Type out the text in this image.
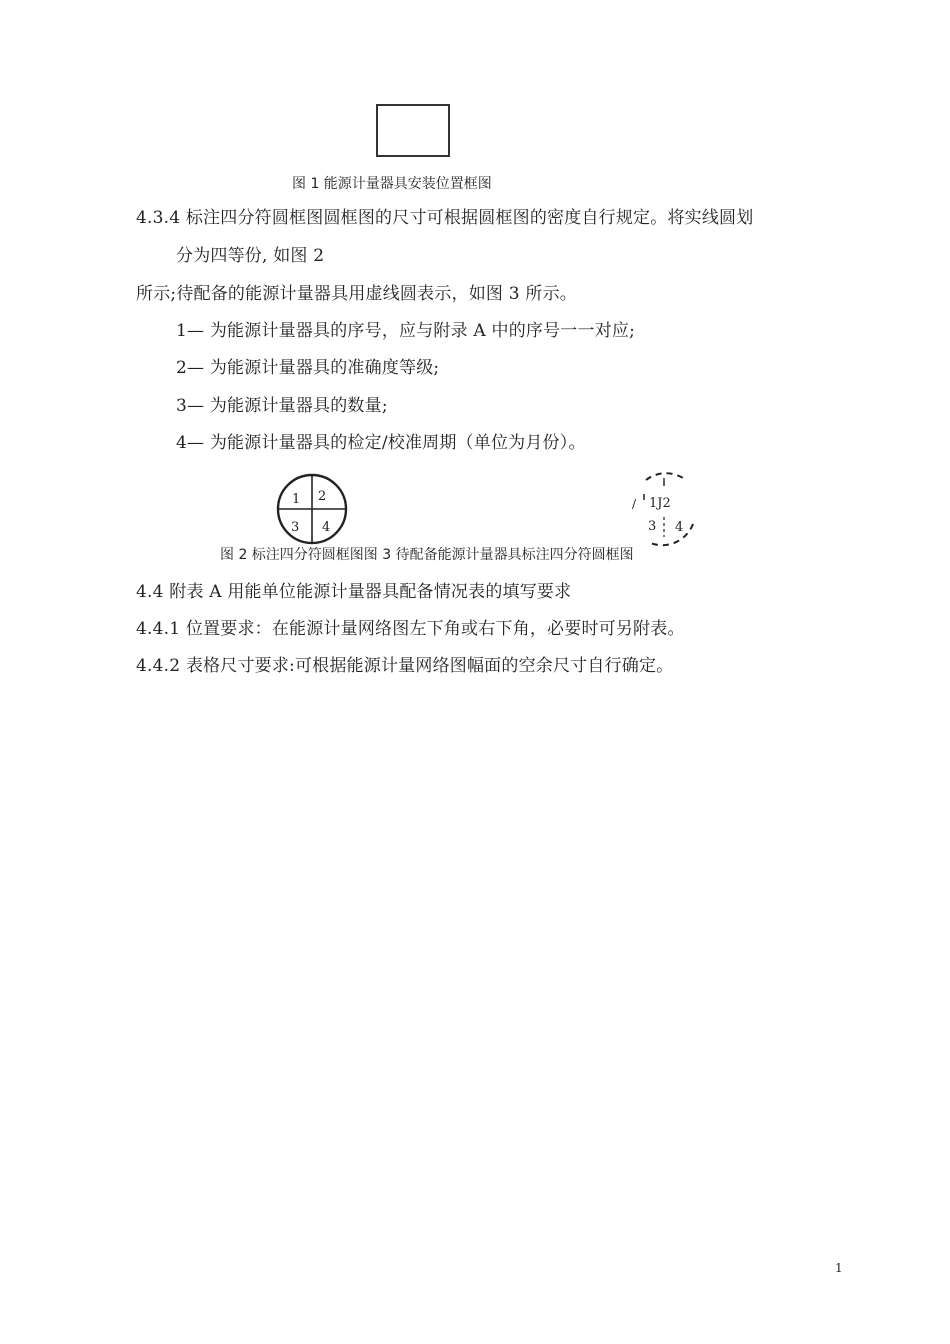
图 1 能源计量器具安装位置框图
4.3.4 标注四分符圆框图圆框图的尺寸可根据圆框图的密度自行规定。将实线圆划
分为四等份, 如图 2
所示;待配备的能源计量器具用虚线圆表示，如图 3 所示。
1— 为能源计量器具的序号，应与附录 A 中的序号一一对应;
2— 为能源计量器具的准确度等级;
3— 为能源计量器具的数量;
4— 为能源计量器具的检定/校准周期（单位为月份）。
1 2
3 4
/ 1J2
3 4
图 2 标注四分符圆框图图 3 待配备能源计量器具标注四分符圆框图
4.4 附表 A 用能单位能源计量器具配备情况表的填写要求
4.4.1 位置要求：在能源计量网络图左下角或右下角，必要时可另附表。
4.4.2 表格尺寸要求:可根据能源计量网络图幅面的空余尺寸自行确定。
1
